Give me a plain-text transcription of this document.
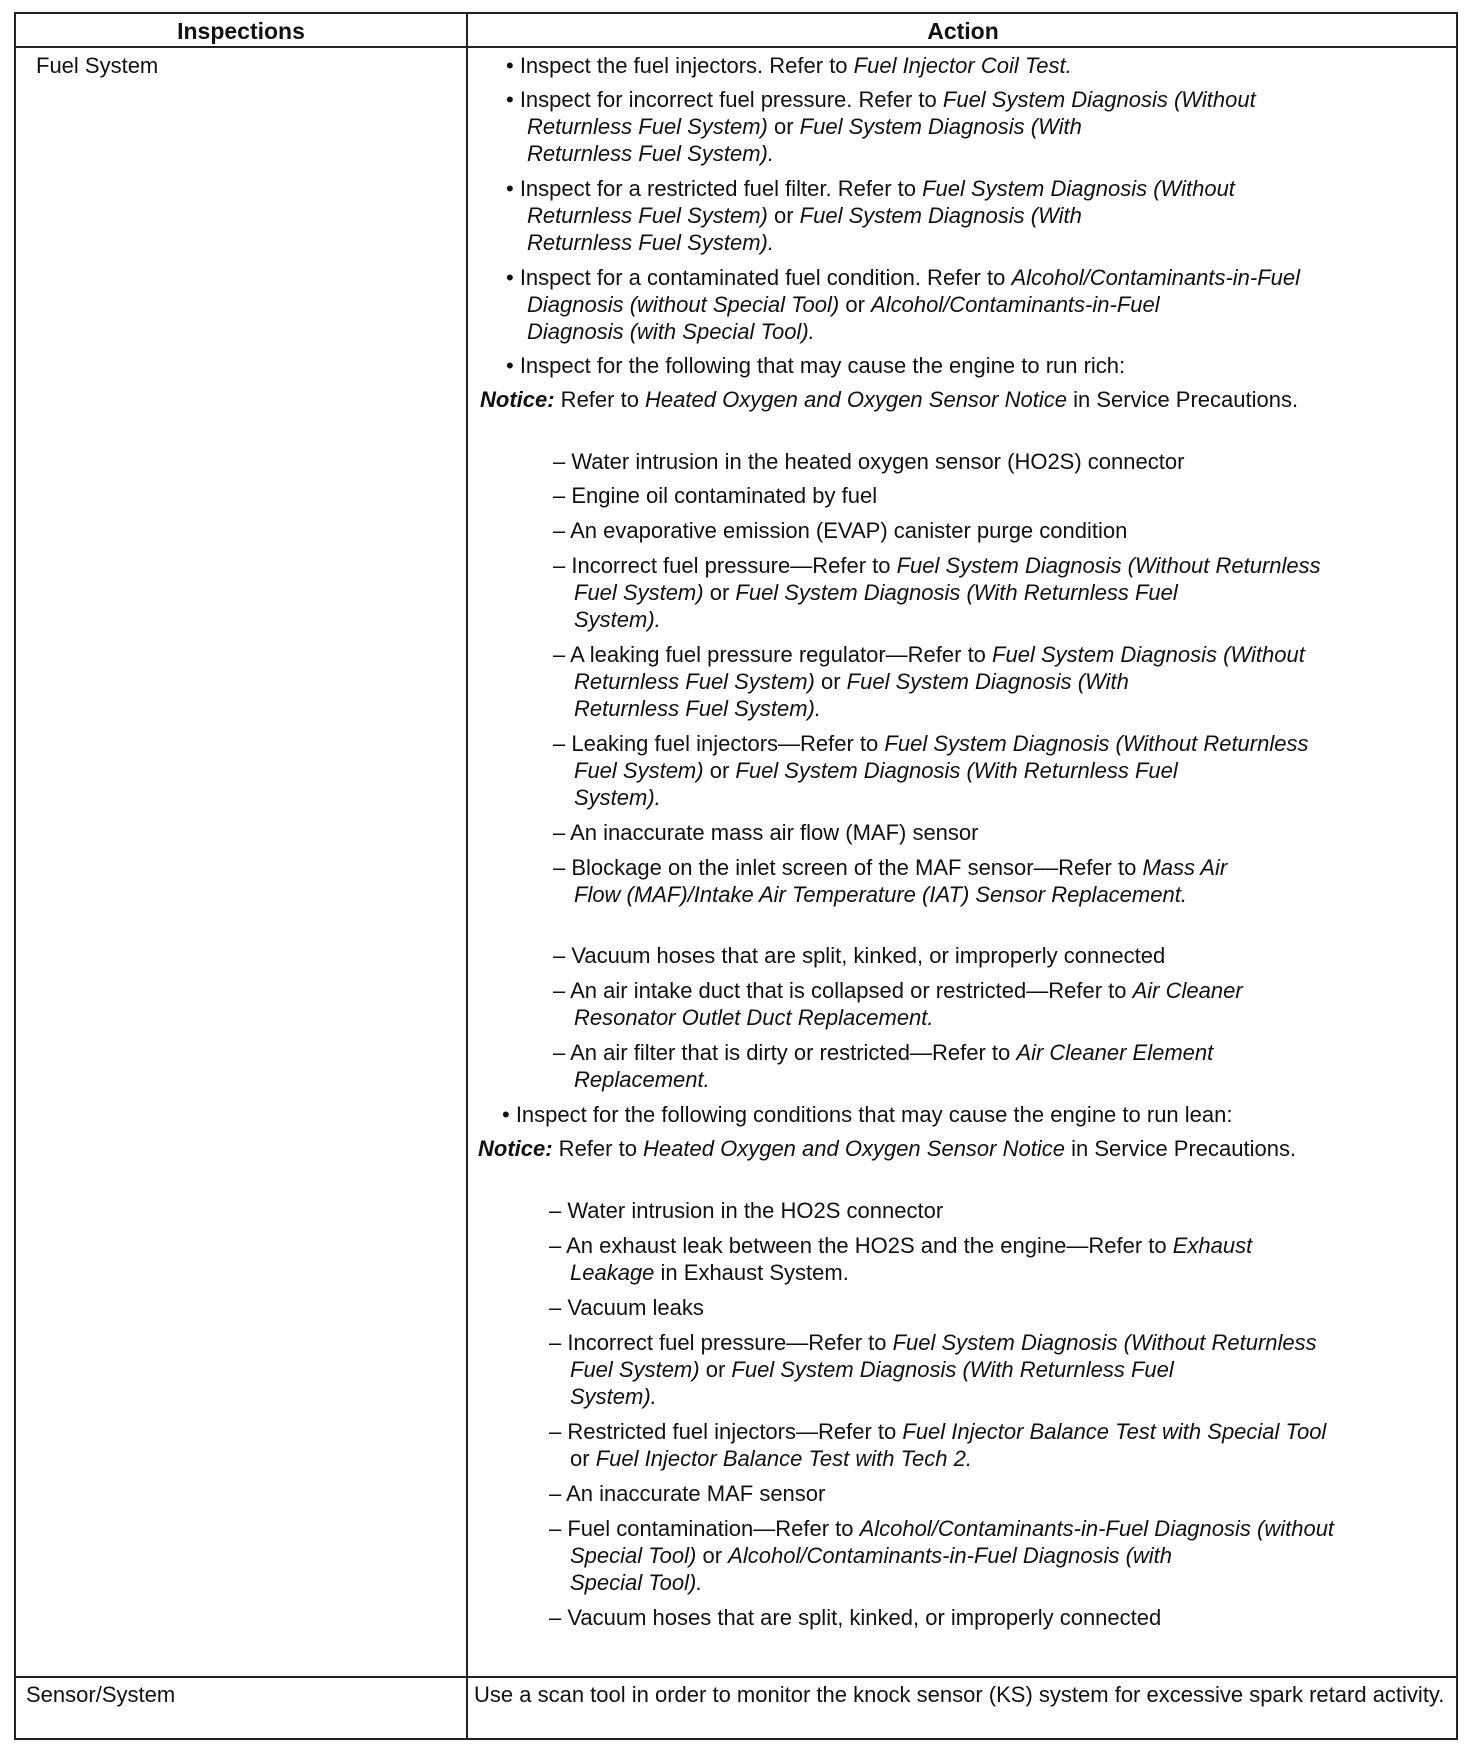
Inspections	Action
Fuel System
Sensor/System	Use a scan tool in order to monitor the knock sensor (KS) system for excessive spark retard activity.
• Inspect the fuel injectors. Refer to Fuel Injector Coil Test.
• Inspect for incorrect fuel pressure. Refer to Fuel System Diagnosis (Without
Returnless Fuel System) or Fuel System Diagnosis (With
Returnless Fuel System).
• Inspect for a restricted fuel filter. Refer to Fuel System Diagnosis (Without
Returnless Fuel System) or Fuel System Diagnosis (With
Returnless Fuel System).
• Inspect for a contaminated fuel condition. Refer to Alcohol/Contaminants-in-Fuel
Diagnosis (without Special Tool) or Alcohol/Contaminants-in-Fuel
Diagnosis (with Special Tool).
• Inspect for the following that may cause the engine to run rich:
Notice: Refer to Heated Oxygen and Oxygen Sensor Notice in Service Precautions.
– Water intrusion in the heated oxygen sensor (HO2S) connector
– Engine oil contaminated by fuel
– An evaporative emission (EVAP) canister purge condition
– Incorrect fuel pressure—Refer to Fuel System Diagnosis (Without Returnless
Fuel System) or Fuel System Diagnosis (With Returnless Fuel
System).
– A leaking fuel pressure regulator—Refer to Fuel System Diagnosis (Without
Returnless Fuel System) or Fuel System Diagnosis (With
Returnless Fuel System).
– Leaking fuel injectors—Refer to Fuel System Diagnosis (Without Returnless
Fuel System) or Fuel System Diagnosis (With Returnless Fuel
System).
– An inaccurate mass air flow (MAF) sensor
– Blockage on the inlet screen of the MAF sensor––Refer to Mass Air
Flow (MAF)/Intake Air Temperature (IAT) Sensor Replacement.
– Vacuum hoses that are split, kinked, or improperly connected
– An air intake duct that is collapsed or restricted—Refer to Air Cleaner
Resonator Outlet Duct Replacement.
– An air filter that is dirty or restricted—Refer to Air Cleaner Element
Replacement.
• Inspect for the following conditions that may cause the engine to run lean:
Notice: Refer to Heated Oxygen and Oxygen Sensor Notice in Service Precautions.
– Water intrusion in the HO2S connector
– An exhaust leak between the HO2S and the engine—Refer to Exhaust
Leakage in Exhaust System.
– Vacuum leaks
– Incorrect fuel pressure—Refer to Fuel System Diagnosis (Without Returnless
Fuel System) or Fuel System Diagnosis (With Returnless Fuel
System).
– Restricted fuel injectors—Refer to Fuel Injector Balance Test with Special Tool
or Fuel Injector Balance Test with Tech 2.
– An inaccurate MAF sensor
– Fuel contamination—Refer to Alcohol/Contaminants-in-Fuel Diagnosis (without
Special Tool) or Alcohol/Contaminants-in-Fuel Diagnosis (with
Special Tool).
– Vacuum hoses that are split, kinked, or improperly connected
